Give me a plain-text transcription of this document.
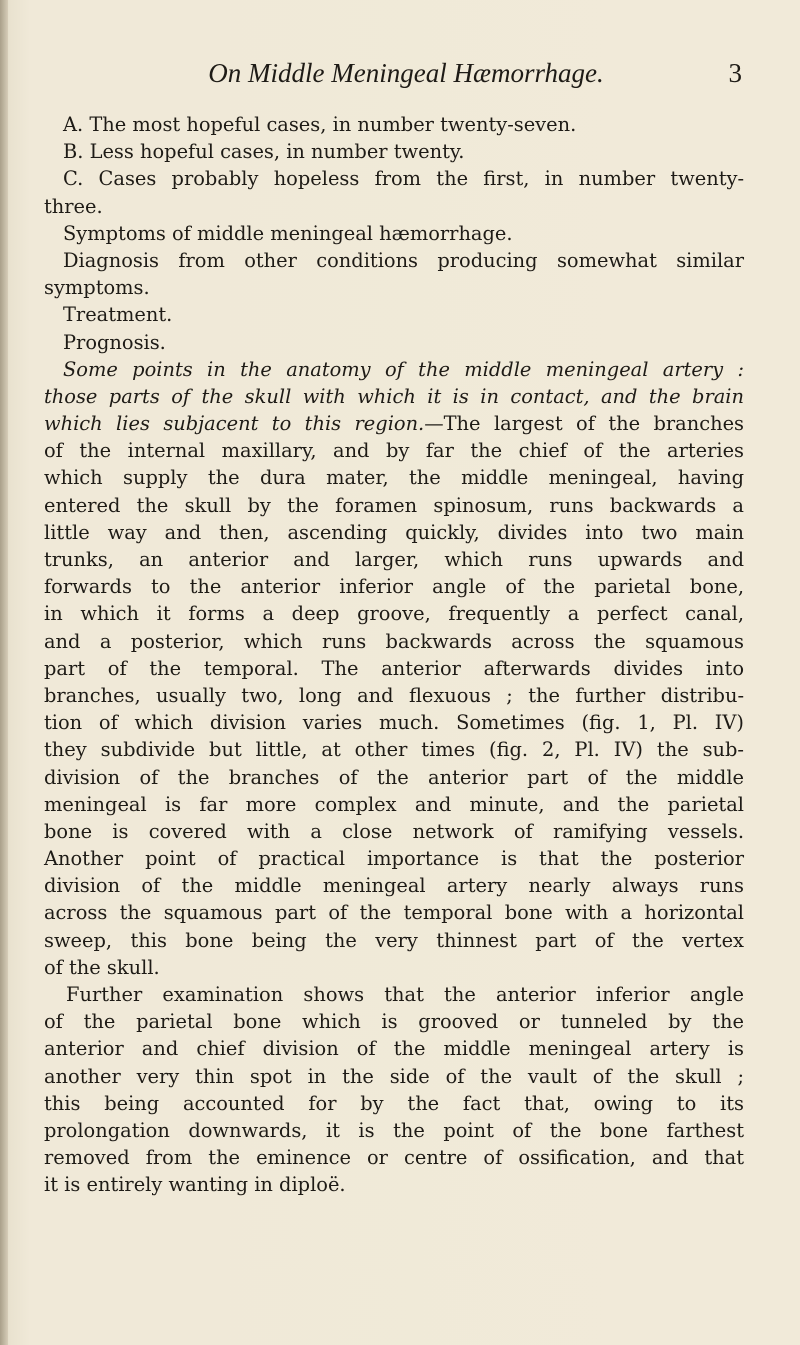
On Middle Meningeal Hæmorrhage.	3

A. The most hopeful cases, in number twenty-seven.

B. Less hopeful cases, in number twenty.

C. Cases probably hopeless from the first, in number twenty-

three.

Symptoms of middle meningeal hæmorrhage.

Diagnosis from other conditions producing somewhat similar

symptoms.

Treatment.

Prognosis.

Some points in the anatomy of the middle meningeal artery :

those parts of the skull with which it is in contact, and the brain

which lies subjacent to this region.—The largest of the branches

of the internal maxillary, and by far the chief of the arteries

which supply the dura mater, the middle meningeal, having

entered the skull by the foramen spinosum, runs backwards a

little way and then, ascending quickly, divides into two main

trunks, an anterior and larger, which runs upwards and

forwards to the anterior inferior angle of the parietal bone,

in which it forms a deep groove, frequently a perfect canal,

and a posterior, which runs backwards across the squamous

part of the temporal. The anterior afterwards divides into

branches, usually two, long and flexuous ; the further distribu-

tion of which division varies much. Sometimes (fig. 1, Pl. IV)

they subdivide but little, at other times (fig. 2, Pl. IV) the sub-

division of the branches of the anterior part of the middle

meningeal is far more complex and minute, and the parietal

bone is covered with a close network of ramifying vessels.

Another point of practical importance is that the posterior

division of the middle meningeal artery nearly always runs

across the squamous part of the temporal bone with a horizontal

sweep, this bone being the very thinnest part of the vertex

of the skull.

Further examination shows that the anterior inferior angle

of the parietal bone which is grooved or tunneled by the

anterior and chief division of the middle meningeal artery is

another very thin spot in the side of the vault of the skull ;

this being accounted for by the fact that, owing to its

prolongation downwards, it is the point of the bone farthest

removed from the eminence or centre of ossification, and that

it is entirely wanting in diploë.
